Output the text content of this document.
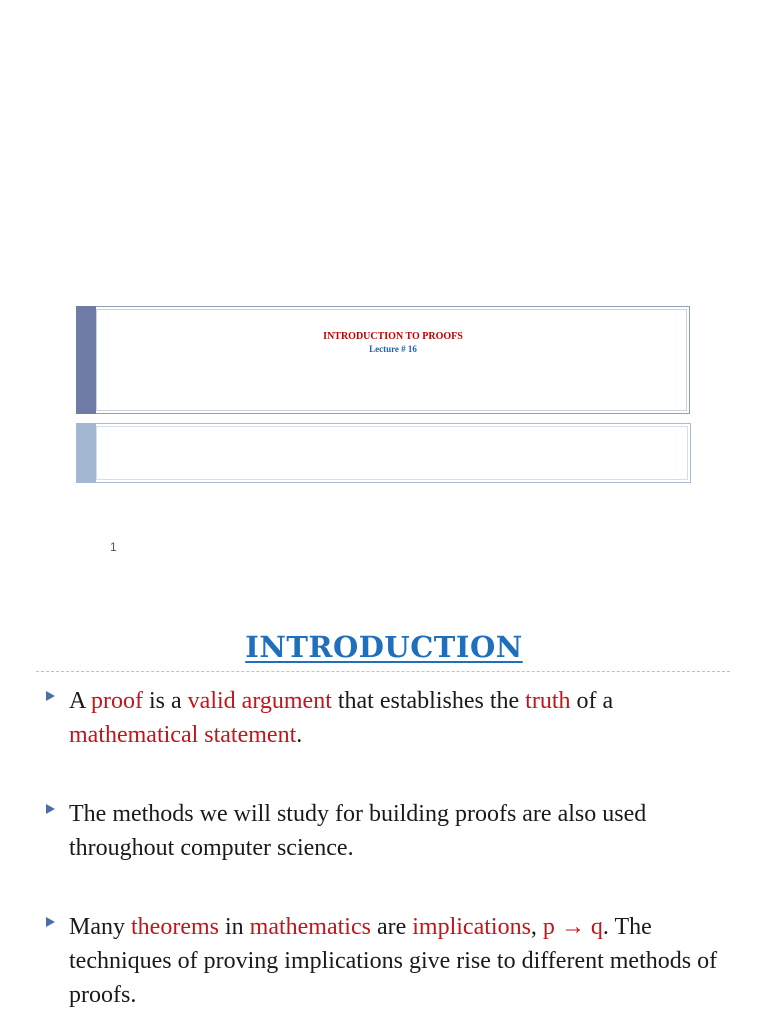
INTRODUCTION TO PROOFS
Lecture # 16
1
INTRODUCTION
A proof is a valid argument that establishes the truth of a mathematical statement.
The methods we will study for building proofs are also used throughout computer science.
Many theorems in mathematics are implications, p → q. The techniques of proving implications give rise to different methods of proofs.
